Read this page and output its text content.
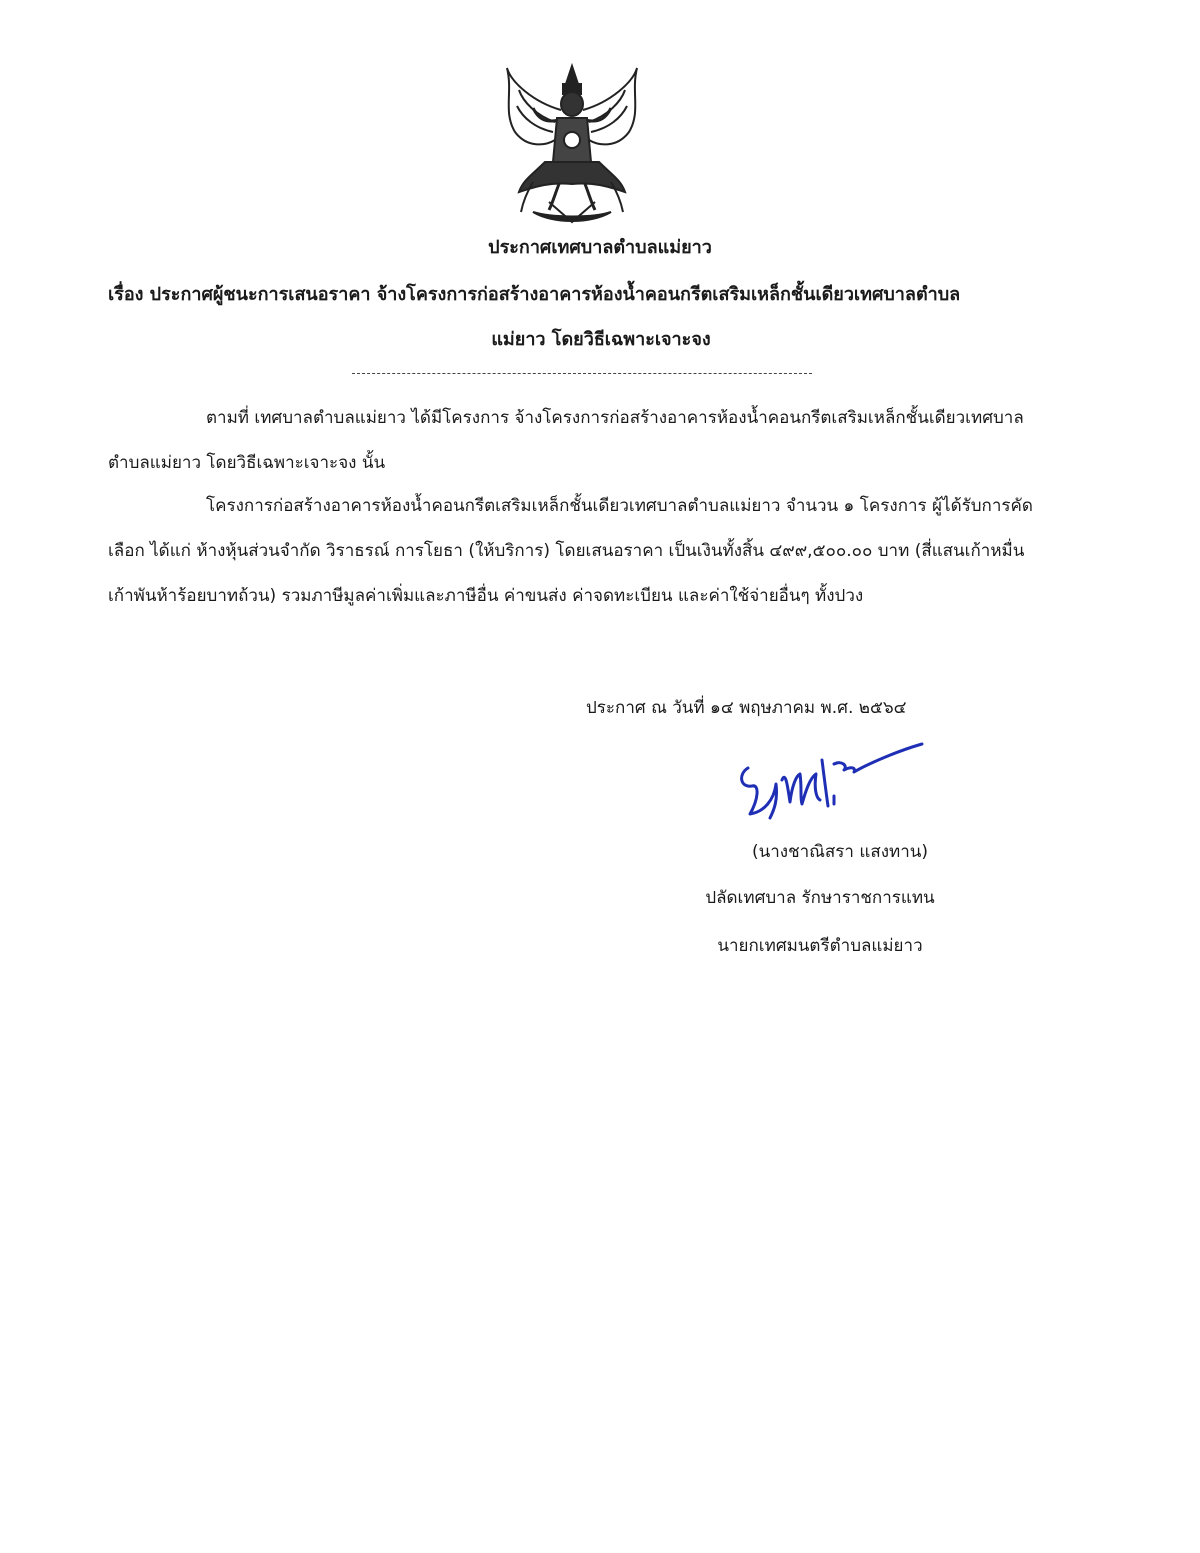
ประกาศเทศบาลตำบลแม่ยาว
เรื่อง ประกาศผู้ชนะการเสนอราคา จ้างโครงการก่อสร้างอาคารห้องน้ำคอนกรีตเสริมเหล็กชั้นเดียวเทศบาลตำบล
แม่ยาว โดยวิธีเฉพาะเจาะจง
ตามที่ เทศบาลตำบลแม่ยาว ได้มีโครงการ จ้างโครงการก่อสร้างอาคารห้องน้ำคอนกรีตเสริมเหล็กชั้นเดียวเทศบาลตำบลแม่ยาว โดยวิธีเฉพาะเจาะจง นั้น
โครงการก่อสร้างอาคารห้องน้ำคอนกรีตเสริมเหล็กชั้นเดียวเทศบาลตำบลแม่ยาว จำนวน ๑ โครงการ ผู้ได้รับการคัดเลือก ได้แก่ ห้างหุ้นส่วนจำกัด วิราธรณ์ การโยธา (ให้บริการ) โดยเสนอราคา เป็นเงินทั้งสิ้น ๔๙๙,๕๐๐.๐๐ บาท (สี่แสนเก้าหมื่นเก้าพันห้าร้อยบาทถ้วน) รวมภาษีมูลค่าเพิ่มและภาษีอื่น ค่าขนส่ง ค่าจดทะเบียน และค่าใช้จ่ายอื่นๆ ทั้งปวง
ประกาศ ณ วันที่ ๑๔ พฤษภาคม พ.ศ. ๒๕๖๔
(นางชาณิสรา แสงทาน)
ปลัดเทศบาล รักษาราชการแทน
นายกเทศมนตรีตำบลแม่ยาว
